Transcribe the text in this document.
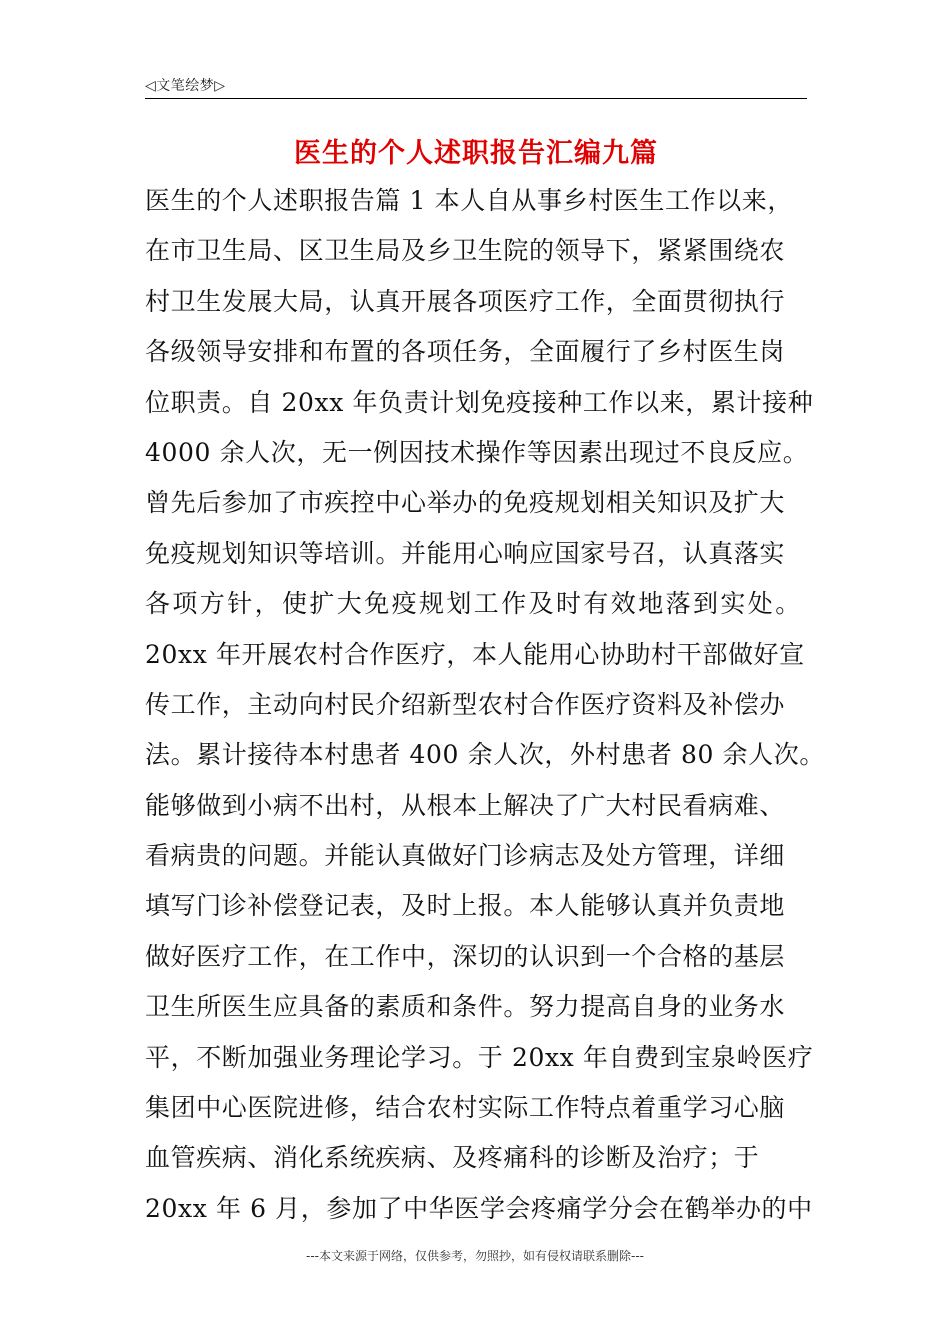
◁文笔绘梦▷
医生的个人述职报告汇编九篇
医生的个人述职报告篇 1 本人自从事乡村医生工作以来，
在市卫生局、区卫生局及乡卫生院的领导下，紧紧围绕农
村卫生发展大局，认真开展各项医疗工作，全面贯彻执行
各级领导安排和布置的各项任务，全面履行了乡村医生岗
位职责。自 20xx 年负责计划免疫接种工作以来，累计接种
4000 余人次，无一例因技术操作等因素出现过不良反应。
曾先后参加了市疾控中心举办的免疫规划相关知识及扩大
免疫规划知识等培训。并能用心响应国家号召，认真落实
各项方针，使扩大免疫规划工作及时有效地落到实处。
20xx 年开展农村合作医疗，本人能用心协助村干部做好宣
传工作，主动向村民介绍新型农村合作医疗资料及补偿办
法。累计接待本村患者 400 余人次，外村患者 80 余人次。
能够做到小病不出村，从根本上解决了广大村民看病难、
看病贵的问题。并能认真做好门诊病志及处方管理，详细
填写门诊补偿登记表，及时上报。本人能够认真并负责地
做好医疗工作，在工作中，深切的认识到一个合格的基层
卫生所医生应具备的素质和条件。努力提高自身的业务水
平，不断加强业务理论学习。于 20xx 年自费到宝泉岭医疗
集团中心医院进修，结合农村实际工作特点着重学习心脑
血管疾病、消化系统疾病、及疼痛科的诊断及治疗；于
20xx 年 6 月，参加了中华医学会疼痛学分会在鹤举办的中
---本文来源于网络，仅供参考，勿照抄，如有侵权请联系删除---
